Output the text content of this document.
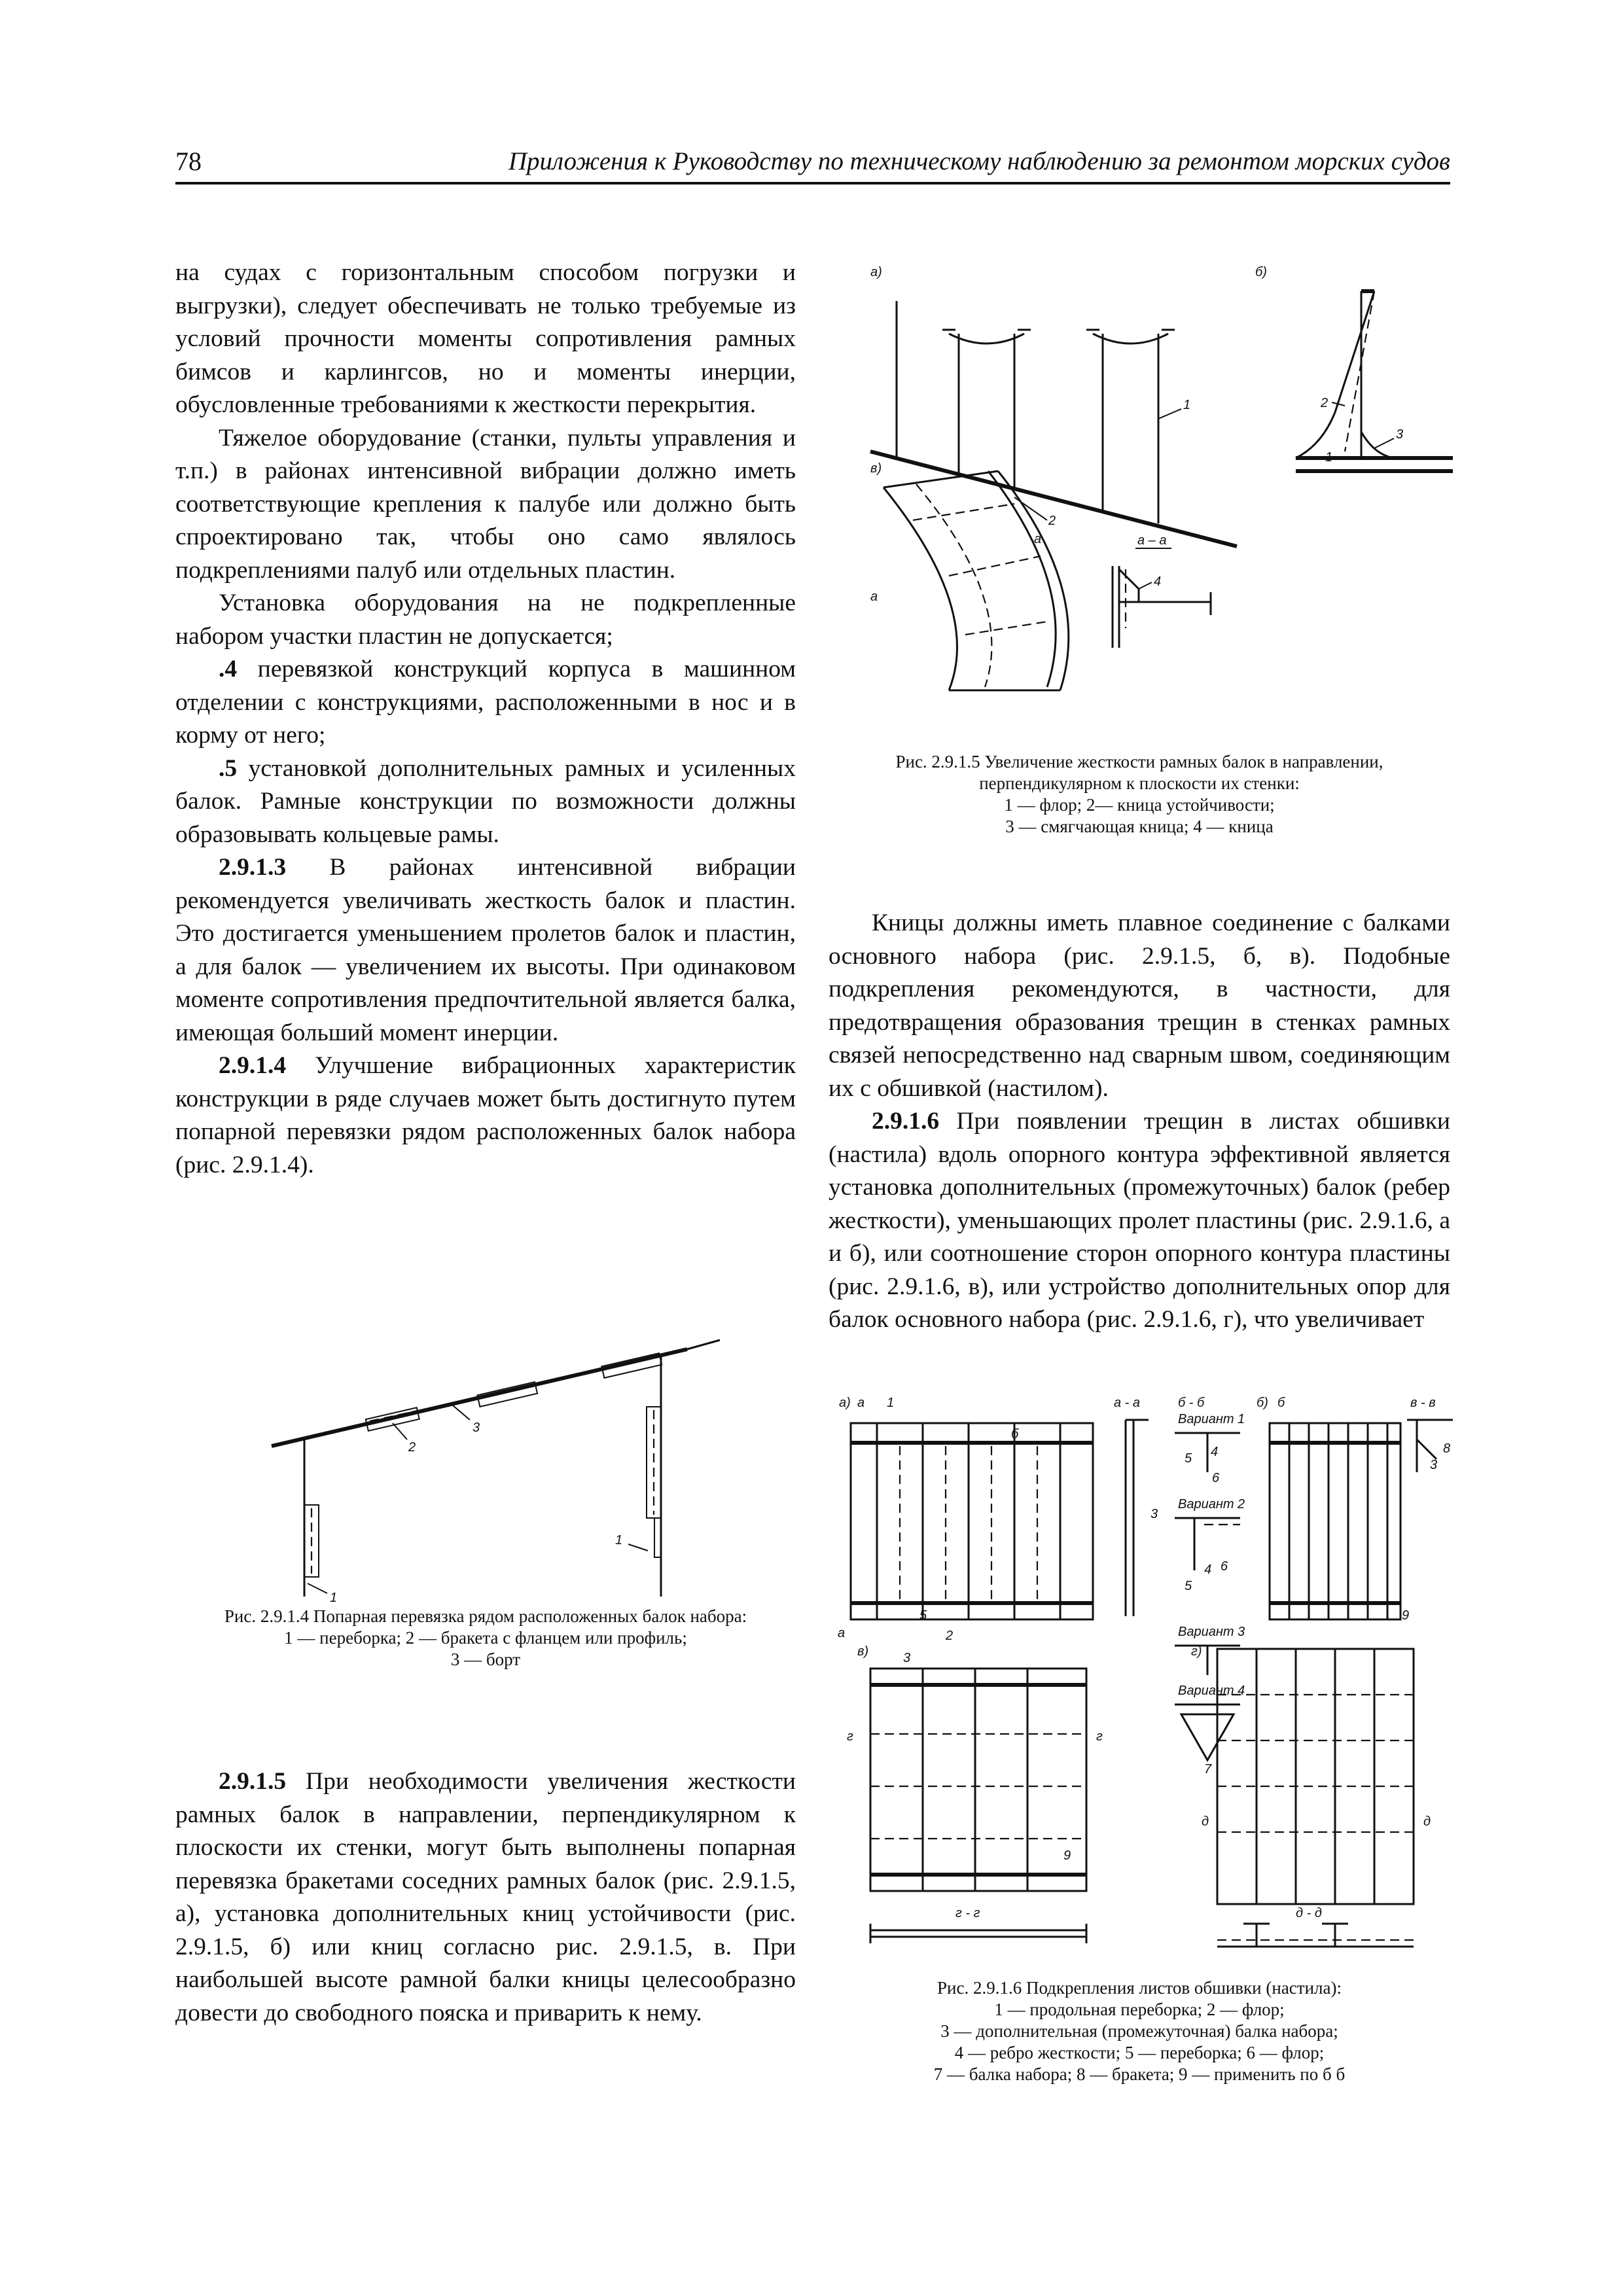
78	Приложения к Руководству по техническому наблюдению за ремонтом морских судов

на судах с горизонтальным способом погрузки и выгрузки), следует обеспечивать не только требуемые из условий прочности моменты сопротивления рамных бимсов и карлингсов, но и моменты инерции, обусловленные требованиями к жесткости перекрытия.

Тяжелое оборудование (станки, пульты управления и т.п.) в районах интенсивной вибрации должно иметь соответствующие крепления к палубе или должно быть спроектировано так, чтобы оно само являлось подкреплениями палуб или отдельных пластин.

Установка оборудования на не подкрепленные набором участки пластин не допускается;

.4 перевязкой конструкций корпуса в машинном отделении с конструкциями, расположенными в нос и в корму от него;

.5 установкой дополнительных рамных и усиленных балок. Рамные конструкции по возможности должны образовывать кольцевые рамы.

2.9.1.3 В районах интенсивной вибрации рекомендуется увеличивать жесткость балок и пластин. Это достигается уменьшением пролетов балок и пластин, а для балок — увеличением их высоты. При одинаковом моменте сопротивления предпочтительной является балка, имеющая больший момент инерции.

2.9.1.4 Улучшение вибрационных характеристик конструкции в ряде случаев может быть достигнуто путем попарной перевязки рядом расположенных балок набора (рис. 2.9.1.4).

2
3
1
1
Рис. 2.9.1.4 Попарная перевязка рядом расположенных балок набора:
1 — переборка; 2 — бракета с фланцем или профиль;
3 — борт

2.9.1.5 При необходимости увеличения жесткости рамных балок в направлении, перпендикулярном к плоскости их стенки, могут быть выполнены попарная перевязка бракетами соседних рамных балок (рис. 2.9.1.5, а), установка дополнительных книц устойчивости (рис. 2.9.1.5, б) или книц согласно рис. 2.9.1.5, в. При наибольшей высоте рамной балки кницы целесообразно довести до свободного пояска и приварить к нему.

а)	б)
1	2
1
3
в)
2
а
а
а – а
4
Рис. 2.9.1.5 Увеличение жесткости рамных балок в направлении, перпендикулярном к плоскости их стенки:
1 — флор; 2— кница устойчивости;
3 — смягчающая кница; 4 — кница

Кницы должны иметь плавное соединение с балками основного набора (рис. 2.9.1.5, б, в). Подобные подкрепления рекомендуются, в частности, для предотвращения образования трещин в стенках рамных связей непосредственно над сварным швом, соединяющим их с обшивкой (настилом).

2.9.1.6 При появлении трещин в листах обшивки (настила) вдоль опорного контура эффективной является установка дополнительных (промежуточных) балок (ребер жесткости), уменьшающих пролет пластины (рис. 2.9.1.6, а и б), или соотношение сторон опорного контура пластины (рис. 2.9.1.6, в), или устройство дополнительных опор для балок основного набора (рис. 2.9.1.6, г), что увеличивает

а) а 1
б
5
2
а
а - а
3
б - б
Вариант 1
5 4
6
Вариант 2
5
4 6
Вариант 3
Вариант 4
7
б) б
9
в - в
3
8
в)
г	г
9
3	г)
д	д
г - г	д - д
Рис. 2.9.1.6 Подкрепления листов обшивки (настила):
1 — продольная переборка; 2 — флор;
3 — дополнительная (промежуточная) балка набора;
4 — ребро жесткости; 5 — переборка; 6 — флор;
7 — балка набора; 8 — бракета; 9 — применить по б б
